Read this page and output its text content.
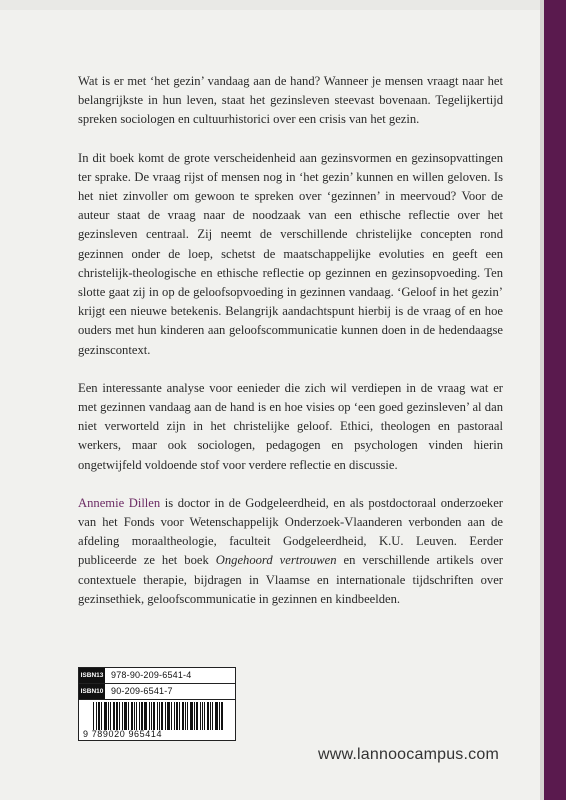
Wat is er met ‘het gezin’ vandaag aan de hand? Wanneer je mensen vraagt naar het belangrijkste in hun leven, staat het gezinsleven steevast bovenaan. Tegelijkertijd spreken sociologen en cultuurhistorici over een crisis van het gezin.

In dit boek komt de grote verscheidenheid aan gezinsvormen en gezinsopvattingen ter sprake. De vraag rijst of mensen nog in ‘het gezin’ kunnen en willen geloven. Is het niet zinvoller om gewoon te spreken over ‘gezinnen’ in meervoud? Voor de auteur staat de vraag naar de noodzaak van een ethische reflectie over het gezinsleven centraal. Zij neemt de verschillende christelijke concepten rond gezinnen onder de loep, schetst de maatschappelijke evoluties en geeft een christelijk-theologische en ethische reflectie op gezinnen en gezinsopvoeding. Ten slotte gaat zij in op de geloofsopvoeding in gezinnen vandaag. ‘Geloof in het gezin’ krijgt een nieuwe betekenis. Belangrijk aandachtspunt hierbij is de vraag of en hoe ouders met hun kinderen aan geloofscommunicatie kunnen doen in de hedendaagse gezinscontext.

Een interessante analyse voor eenieder die zich wil verdiepen in de vraag wat er met gezinnen vandaag aan de hand is en hoe visies op ‘een goed gezinsleven’ al dan niet verworteld zijn in het christelijke geloof. Ethici, theologen en pastoraal werkers, maar ook sociologen, pedagogen en psychologen vinden hierin ongetwijfeld voldoende stof voor verdere reflectie en discussie.

Annemie Dillen is doctor in de Godgeleerdheid, en als postdoctoraal onderzoeker van het Fonds voor Wetenschappelijk Onderzoek-Vlaanderen verbonden aan de afdeling moraaltheologie, faculteit Godgeleerdheid, K.U. Leuven. Eerder publiceerde ze het boek Ongehoord vertrouwen en verschillende artikels over contextuele therapie, bijdragen in Vlaamse en internationale tijdschriften over gezinsethiek, geloofscommunicatie in gezinnen en kindbeelden.

ISBN13 978-90-209-6541-4
ISBN10 90-209-6541-7
9 789020 965414
www.lannoocampus.com
